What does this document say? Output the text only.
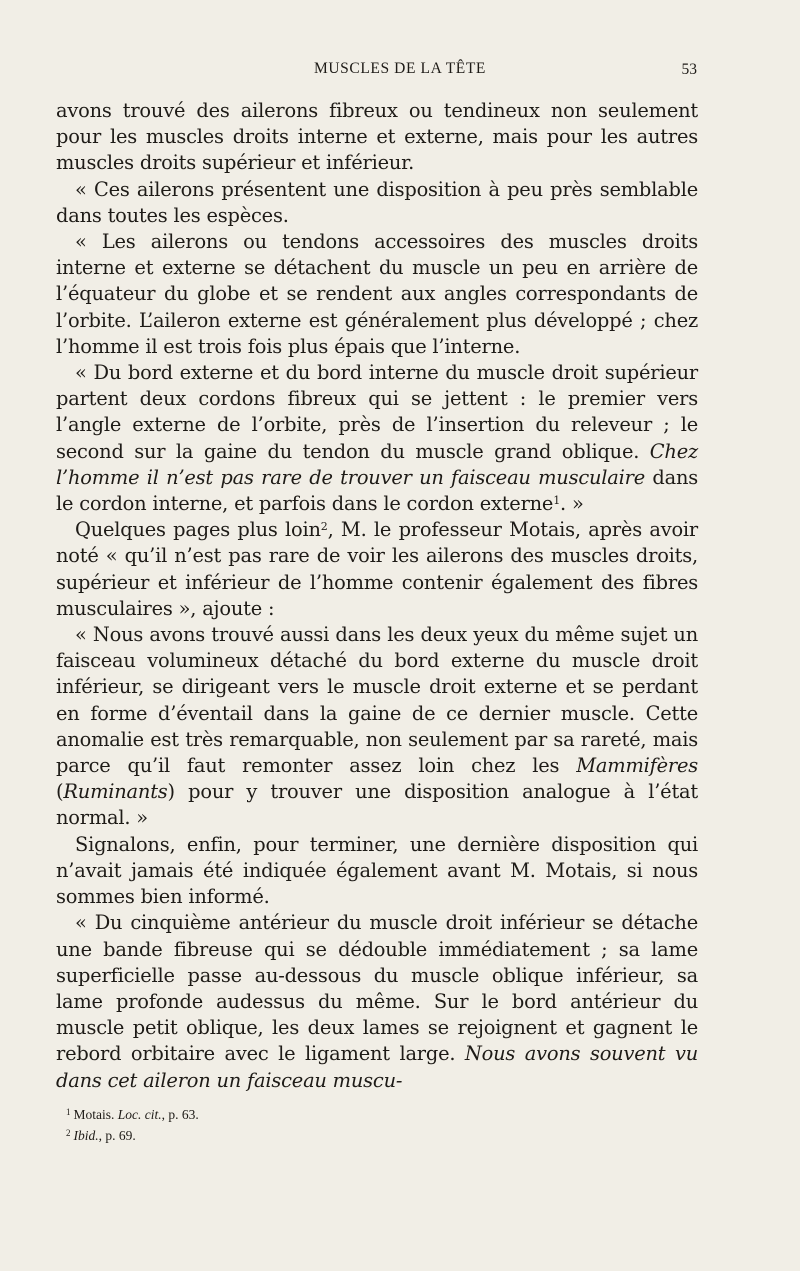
MUSCLES DE LA TÊTE	53

avons trouvé des ailerons fibreux ou tendineux non seulement pour les muscles droits interne et externe, mais pour les autres muscles droits supérieur et inférieur.

« Ces ailerons présentent une disposition à peu près semblable dans toutes les espèces.

« Les ailerons ou tendons accessoires des muscles droits interne et externe se détachent du muscle un peu en arrière de l’équateur du globe et se rendent aux angles correspondants de l’orbite. L’aileron externe est généralement plus développé ; chez l’homme il est trois fois plus épais que l’interne.

« Du bord externe et du bord interne du muscle droit supérieur partent deux cordons fibreux qui se jettent : le premier vers l’angle externe de l’orbite, près de l’insertion du releveur ; le second sur la gaine du tendon du muscle grand oblique. Chez l’homme il n’est pas rare de trouver un faisceau musculaire dans le cordon interne, et parfois dans le cordon externe$^1$. »

Quelques pages plus loin$^2$, M. le professeur Motais, après avoir noté « qu’il n’est pas rare de voir les ailerons des muscles droits, supérieur et inférieur de l’homme contenir également des fibres musculaires », ajoute :

« Nous avons trouvé aussi dans les deux yeux du même sujet un faisceau volumineux détaché du bord externe du muscle droit inférieur, se dirigeant vers le muscle droit externe et se perdant en forme d’éventail dans la gaine de ce dernier muscle. Cette anomalie est très remarquable, non seulement par sa rareté, mais parce qu’il faut remonter assez loin chez les Mammifères (Ruminants) pour y trouver une disposition analogue à l’état normal. »

Signalons, enfin, pour terminer, une dernière disposition qui n’avait jamais été indiquée également avant M. Motais, si nous sommes bien informé.

« Du cinquième antérieur du muscle droit inférieur se détache une bande fibreuse qui se dédouble immédiatement ; sa lame superficielle passe au-dessous du muscle oblique inférieur, sa lame profonde audessus du même. Sur le bord antérieur du muscle petit oblique, les deux lames se rejoignent et gagnent le rebord orbitaire avec le ligament large. Nous avons souvent vu dans cet aileron un faisceau muscu-

$^1$ Motais. Loc. cit., p. 63.
$^2$ Ibid., p. 69.
